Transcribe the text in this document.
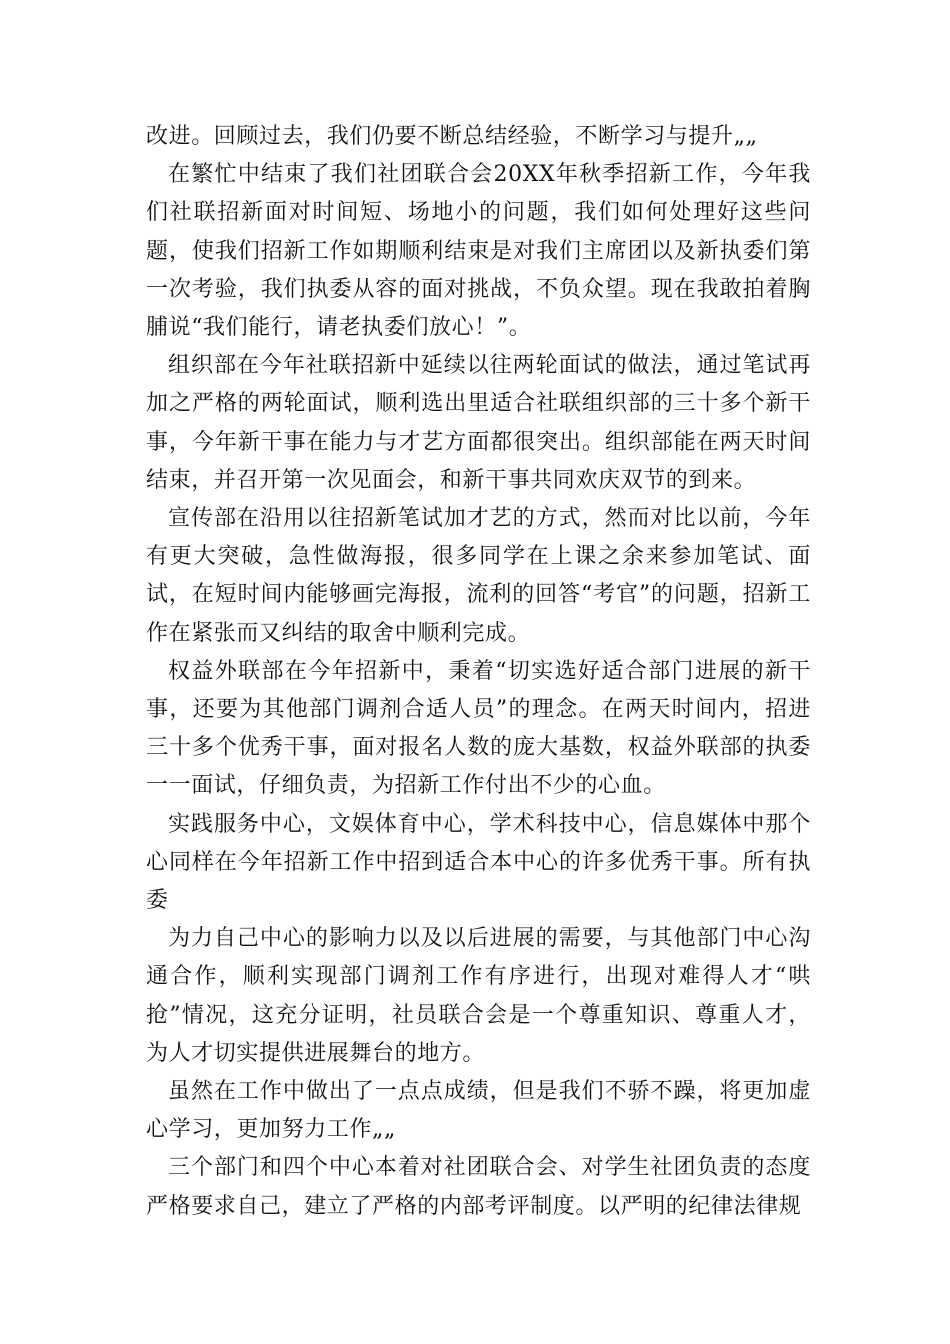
改进。回顾过去，我们仍要不断总结经验，不断学习与提升„„

在繁忙中结束了我们社团联合会20XX年秋季招新工作，今年我们社联招新面对时间短、场地小的问题，我们如何处理好这些问题，使我们招新工作如期顺利结束是对我们主席团以及新执委们第一次考验，我们执委从容的面对挑战，不负众望。现在我敢拍着胸脯说“我们能行，请老执委们放心！”。

组织部在今年社联招新中延续以往两轮面试的做法，通过笔试再加之严格的两轮面试，顺利选出里适合社联组织部的三十多个新干事，今年新干事在能力与才艺方面都很突出。组织部能在两天时间结束，并召开第一次见面会，和新干事共同欢庆双节的到来。

宣传部在沿用以往招新笔试加才艺的方式，然而对比以前，今年有更大突破，急性做海报，很多同学在上课之余来参加笔试、面试，在短时间内能够画完海报，流利的回答“考官”的问题，招新工作在紧张而又纠结的取舍中顺利完成。

权益外联部在今年招新中，秉着“切实选好适合部门进展的新干事，还要为其他部门调剂合适人员”的理念。在两天时间内，招进三十多个优秀干事，面对报名人数的庞大基数，权益外联部的执委一一面试，仔细负责，为招新工作付出不少的心血。

实践服务中心，文娱体育中心，学术科技中心，信息媒体中那个心同样在今年招新工作中招到适合本中心的许多优秀干事。所有执委

为力自己中心的影响力以及以后进展的需要，与其他部门中心沟通合作，顺利实现部门调剂工作有序进行，出现对难得人才“哄抢”情况，这充分证明，社员联合会是一个尊重知识、尊重人才，为人才切实提供进展舞台的地方。

虽然在工作中做出了一点点成绩，但是我们不骄不躁，将更加虚心学习，更加努力工作„„

三个部门和四个中心本着对社团联合会、对学生社团负责的态度严格要求自己，建立了严格的内部考评制度。以严明的纪律法律规
